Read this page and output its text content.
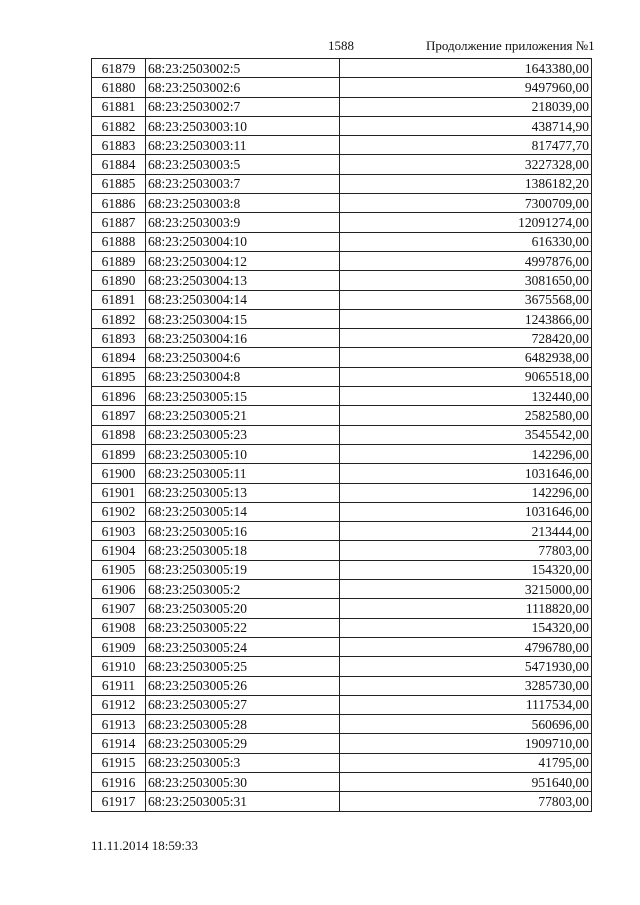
1588	Продолжение приложения №1
61879	68:23:2503002:5	1643380,00
61880	68:23:2503002:6	9497960,00
61881	68:23:2503002:7	218039,00
61882	68:23:2503003:10	438714,90
61883	68:23:2503003:11	817477,70
61884	68:23:2503003:5	3227328,00
61885	68:23:2503003:7	1386182,20
61886	68:23:2503003:8	7300709,00
61887	68:23:2503003:9	12091274,00
61888	68:23:2503004:10	616330,00
61889	68:23:2503004:12	4997876,00
61890	68:23:2503004:13	3081650,00
61891	68:23:2503004:14	3675568,00
61892	68:23:2503004:15	1243866,00
61893	68:23:2503004:16	728420,00
61894	68:23:2503004:6	6482938,00
61895	68:23:2503004:8	9065518,00
61896	68:23:2503005:15	132440,00
61897	68:23:2503005:21	2582580,00
61898	68:23:2503005:23	3545542,00
61899	68:23:2503005:10	142296,00
61900	68:23:2503005:11	1031646,00
61901	68:23:2503005:13	142296,00
61902	68:23:2503005:14	1031646,00
61903	68:23:2503005:16	213444,00
61904	68:23:2503005:18	77803,00
61905	68:23:2503005:19	154320,00
61906	68:23:2503005:2	3215000,00
61907	68:23:2503005:20	1118820,00
61908	68:23:2503005:22	154320,00
61909	68:23:2503005:24	4796780,00
61910	68:23:2503005:25	5471930,00
61911	68:23:2503005:26	3285730,00
61912	68:23:2503005:27	1117534,00
61913	68:23:2503005:28	560696,00
61914	68:23:2503005:29	1909710,00
61915	68:23:2503005:3	41795,00
61916	68:23:2503005:30	951640,00
61917	68:23:2503005:31	77803,00
11.11.2014 18:59:33
